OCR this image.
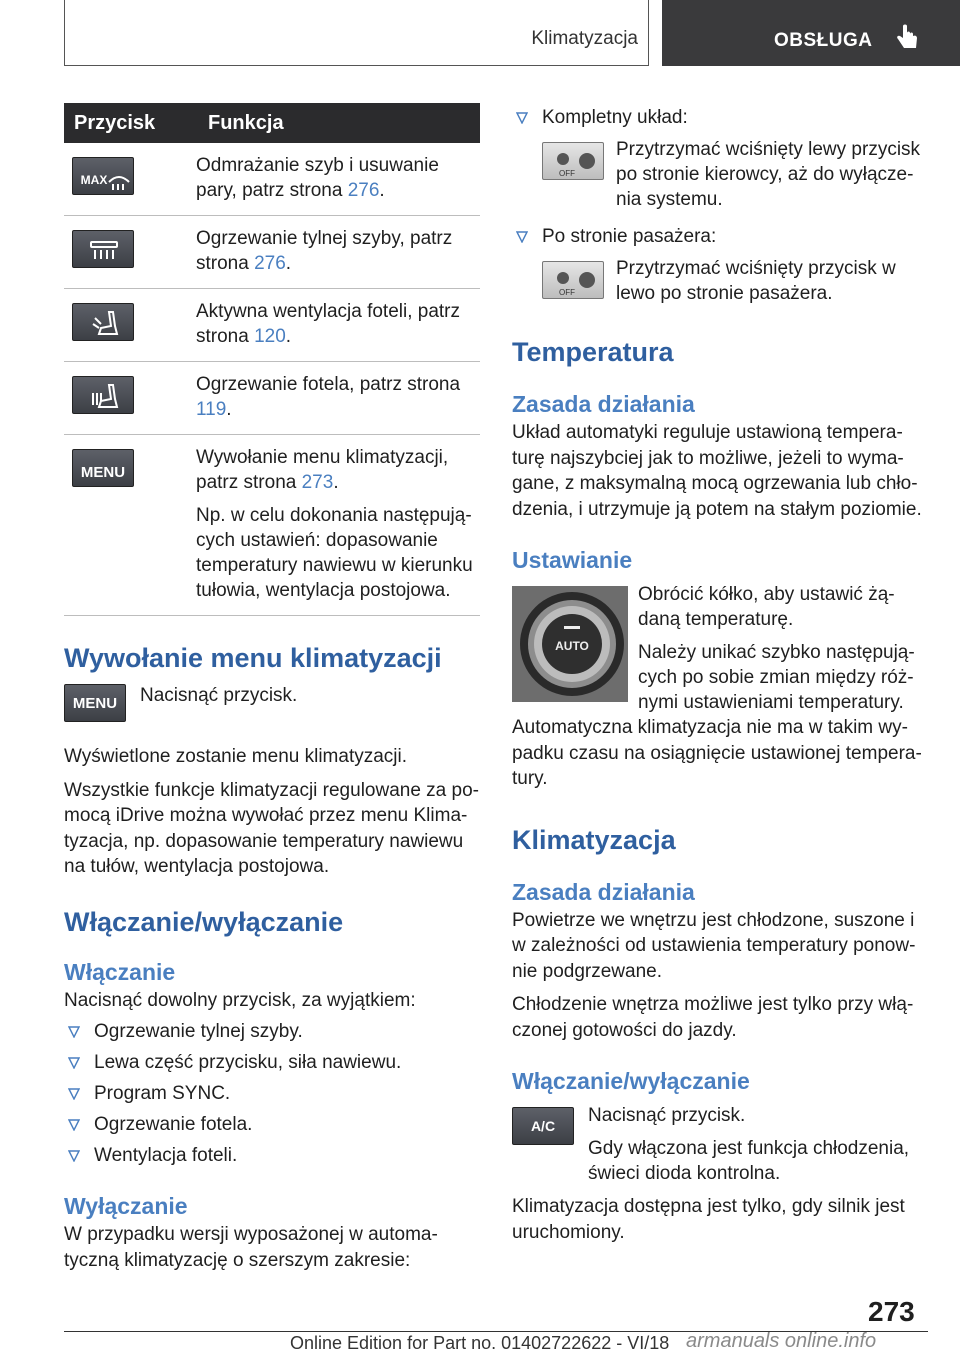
Klimatyzacja	OBSŁUGA
Przycisk	Funkcja

MAX	Odmrażanie szyb i usuwanie pary, patrz strona 276.

Ogrzewanie tylnej szyby, patrz strona 276.

Aktywna wentylacja foteli, patrz strona 120.

Ogrzewanie fotela, patrz strona 119.

MENU	Wywołanie menu klimatyzacji, patrz strona 273.

Np. w celu dokonania następujących ustawień: dopasowanie temperatury nawiewu w kierunku tułowia, wentylacja postojowa.

Wywołanie menu klimatyzacji
MENU	Nacisnąć przycisk.

Wyświetlone zostanie menu klimatyzacji.

Wszystkie funkcje klimatyzacji regulowane za pomocą iDrive można wywołać przez menu Klimatyzacja, np. dopasowanie temperatury nawiewu na tułów, wentylacja postojowa.

Włączanie/wyłączanie
Włączanie

Nacisnąć dowolny przycisk, za wyjątkiem:

Ogrzewanie tylnej szyby.
Lewa część przycisku, siła nawiewu.
Program SYNC.
Ogrzewanie fotela.
Wentylacja foteli.
Wyłączanie

W przypadku wersji wyposażonej w automatyczną klimatyzację o szerszym zakresie:

Kompletny układ:
OFF

Przytrzymać wciśnięty lewy przycisk po stronie kierowcy, aż do wyłączenia systemu.

Po stronie pasażera:
OFF

Przytrzymać wciśnięty przycisk w lewo po stronie pasażera.

Temperatura
Zasada działania

Układ automatyki reguluje ustawioną temperaturę najszybciej jak to możliwe, jeżeli to wymagane, z maksymalną mocą ogrzewania lub chłodzenia, i utrzymuje ją potem na stałym poziomie.

Ustawianie
AUTO

Obrócić kółko, aby ustawić żądaną temperaturę.

Należy unikać szybko następujących po sobie zmian między różnymi ustawieniami temperatury.

Automatyczna klimatyzacja nie ma w takim wypadku czasu na osiągnięcie ustawionej temperatury.

Klimatyzacja
Zasada działania

Powietrze we wnętrzu jest chłodzone, suszone i w zależności od ustawienia temperatury ponownie podgrzewane.

Chłodzenie wnętrza możliwe jest tylko przy włączonej gotowości do jazdy.

Włączanie/wyłączanie
A/C	Nacisnąć przycisk.

Gdy włączona jest funkcja chłodzenia, świeci dioda kontrolna.

Klimatyzacja dostępna jest tylko, gdy silnik jest uruchomiony.

273
Online Edition for Part no. 01402722622 - VI/18 armanuals online.info
